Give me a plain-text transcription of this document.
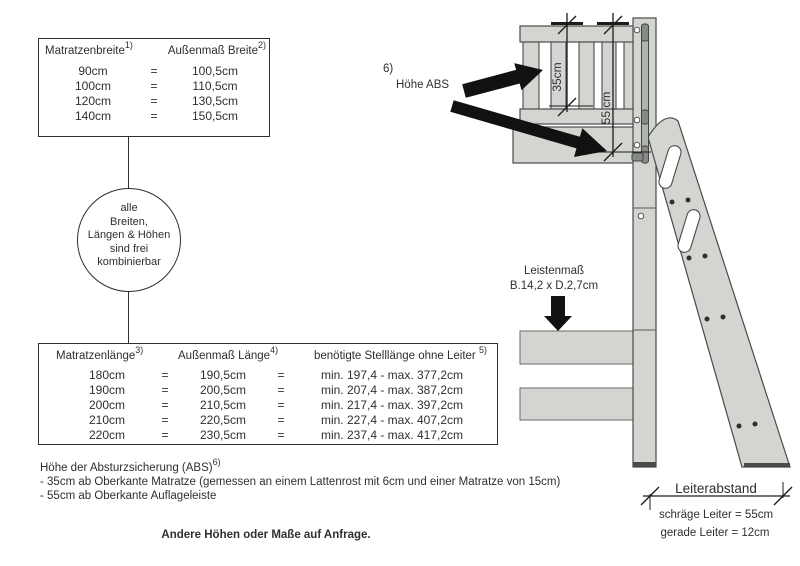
Matratzenbreite$^{1)}$	Außenmaß Breite$^{2)}$
90cm	=	100,5cm
100cm	=	110,5cm
120cm	=	130,5cm
140cm	=	150,5cm
alle
Breiten,
Längen & Höhen
sind frei
kombinierbar
Matratzenlänge$^{3)}$	Außenmaß Länge$^{4)}$	benötigte Stelllänge ohne Leiter $^{5)}$
180cm	=	190,5cm	=	min. 197,4 - max. 377,2cm
190cm	=	200,5cm	=	min. 207,4 - max. 387,2cm
200cm	=	210,5cm	=	min. 217,4 - max. 397,2cm
210cm	=	220,5cm	=	min. 227,4 - max. 407,2cm
220cm	=	230,5cm	=	min. 237,4 - max. 417,2cm
Höhe der Absturzsicherung (ABS)$^{6)}$
- 35cm ab Oberkante Matratze (gemessen an einem Lattenrost mit 6cm und einer Matratze von 15cm)
- 55cm ab Oberkante Auflageleiste
Andere Höhen oder Maße auf Anfrage.
6)
Höhe ABS	35cm
55 cm
Leistenmaß
B.14,2 x D.2,7cm
Leiterabstand
schräge Leiter = 55cm
gerade Leiter = 12cm
